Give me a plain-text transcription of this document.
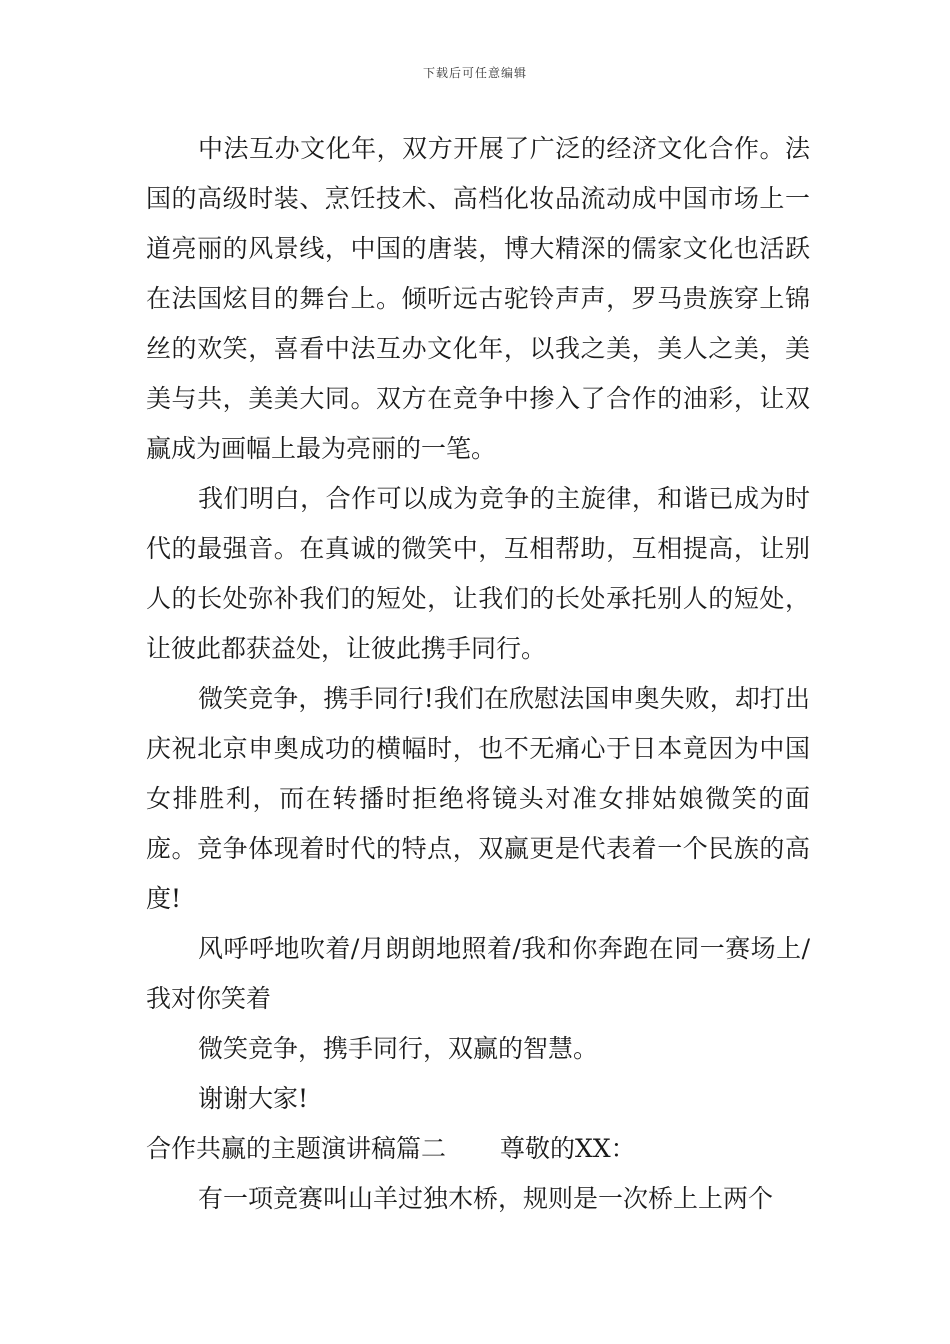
下载后可任意编辑

中法互办文化年，双方开展了广泛的经济文化合作。法国的高级时装、烹饪技术、高档化妆品流动成中国市场上一道亮丽的风景线，中国的唐装，博大精深的儒家文化也活跃在法国炫目的舞台上。倾听远古驼铃声声，罗马贵族穿上锦丝的欢笑，喜看中法互办文化年，以我之美，美人之美，美美与共，美美大同。双方在竞争中掺入了合作的油彩，让双赢成为画幅上最为亮丽的一笔。

我们明白，合作可以成为竞争的主旋律，和谐已成为时代的最强音。在真诚的微笑中，互相帮助，互相提高，让别人的长处弥补我们的短处，让我们的长处承托别人的短处，让彼此都获益处，让彼此携手同行。

微笑竞争，携手同行!我们在欣慰法国申奥失败，却打出庆祝北京申奥成功的横幅时，也不无痛心于日本竟因为中国女排胜利，而在转播时拒绝将镜头对准女排姑娘微笑的面庞。竞争体现着时代的特点，双赢更是代表着一个民族的高度!

风呼呼地吹着/月朗朗地照着/我和你奔跑在同一赛场上/我对你笑着

微笑竞争，携手同行，双赢的智慧。

谢谢大家!

合作共赢的主题演讲稿篇二 尊敬的XX：

有一项竞赛叫山羊过独木桥，规则是一次桥上上两个
